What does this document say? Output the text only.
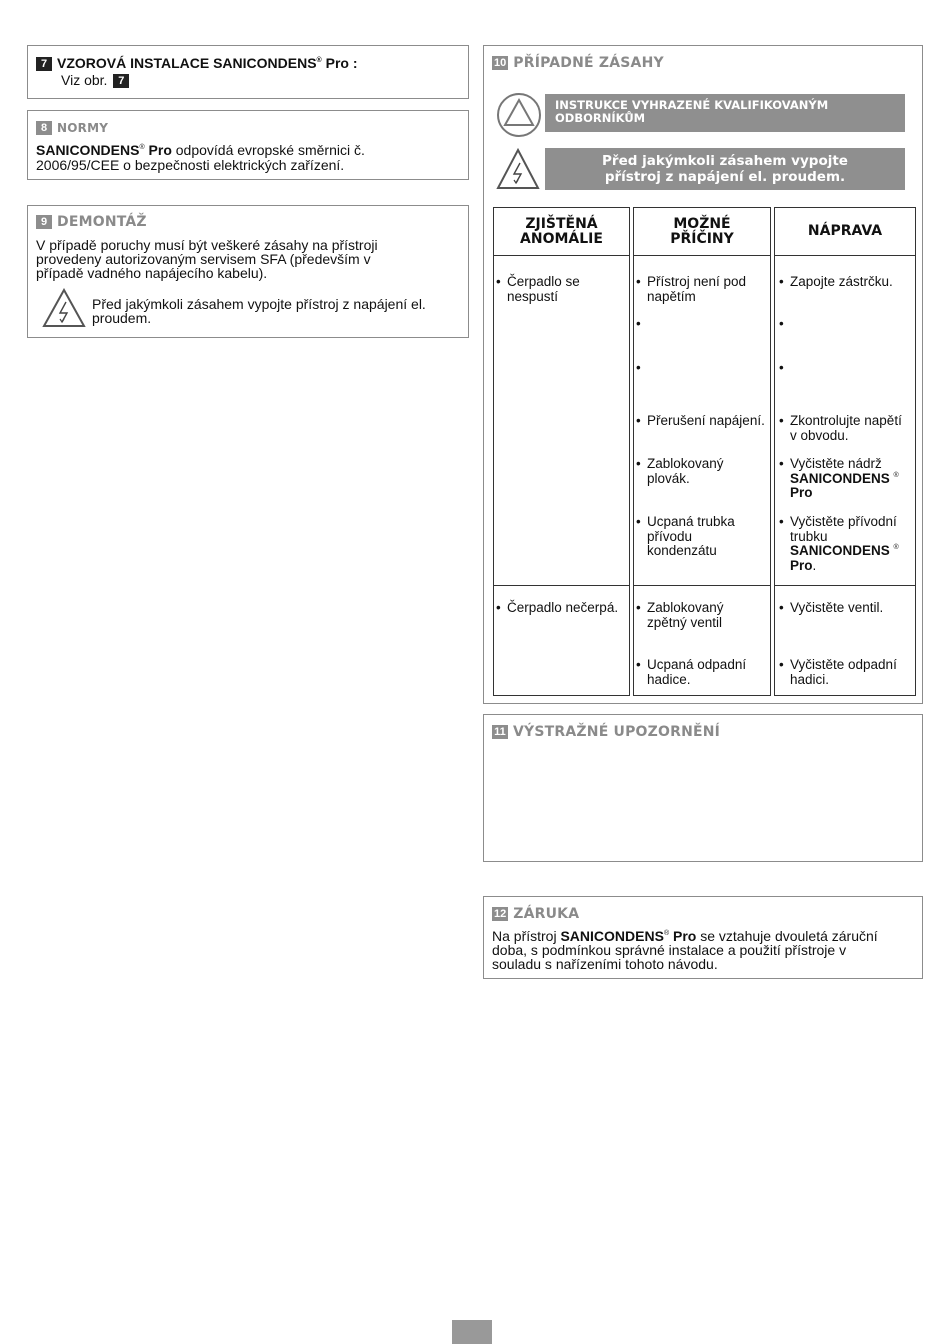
7 VZOROVÁ INSTALACE SANICONDENS® Pro :
Viz obr. 7
8 NORMY
SANICONDENS® Pro odpovídá evropské směrnici č.
2006/95/CEE o bezpečnosti elektrických zařízení.
9 DEMONTÁŽ
V případě poruchy musí být veškeré zásahy na přístroji
provedeny autorizovaným servisem SFA (především v
případě vadného napájecího kabelu).
Před jakýmkoli zásahem vypojte přístroj z napájení el.
proudem.
10 PŘÍPADNÉ ZÁSAHY
INSTRUKCE VYHRAZENÉ KVALIFIKOVANÝM
ODBORNÍKŮM
Před jakýmkoli zásahem vypojte
přístroj z napájení el. proudem.
ZJIŠTĚNÁ
ANOMÁLIE
• Čerpadlo se
nespustí
• Čerpadlo nečerpá.
MOŽNÉ
PŘÍČINY
• Přístroj není pod
napětím
•
•
• Přerušení napájení.
• Zablokovaný
plovák.
• Ucpaná trubka
přívodu
kondenzátu
• Zablokovaný
zpětný ventil
• Ucpaná odpadní
hadice.
NÁPRAVA
• Zapojte zástrčku.
•
•
• Zkontrolujte napětí
v obvodu.
• Vyčistěte nádrž
SANICONDENS ®
Pro
• Vyčistěte přívodní
trubku
SANICONDENS ®
Pro.
• Vyčistěte ventil.
• Vyčistěte odpadní
hadici.
11 VÝSTRAŽNÉ UPOZORNĚNÍ
12 ZÁRUKA
Na přístroj SANICONDENS® Pro se vztahuje dvouletá záruční
doba, s podmínkou správné instalace a použití přístroje v
souladu s nařízeními tohoto návodu.
